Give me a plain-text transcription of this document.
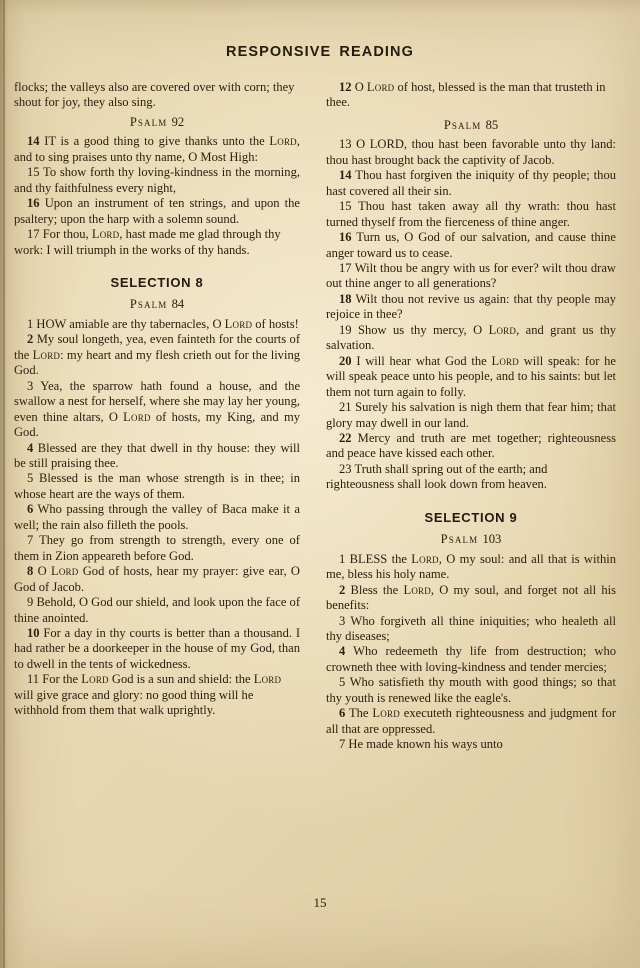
RESPONSIVE READING

flocks; the valleys also are covered over with corn; they shout for joy, they also sing.

Psalm 92

14 IT is a good thing to give thanks unto the Lord, and to sing praises unto thy name, O Most High:

15 To show forth thy loving-kindness in the morning, and thy faithfulness every night,

16 Upon an instrument of ten strings, and upon the psaltery; upon the harp with a solemn sound.

17 For thou, Lord, hast made me glad through thy work: I will triumph in the works of thy hands.

SELECTION 8

Psalm 84

1 HOW amiable are thy tabernacles, O Lord of hosts!

2 My soul longeth, yea, even fainteth for the courts of the Lord: my heart and my flesh crieth out for the living God.

3 Yea, the sparrow hath found a house, and the swallow a nest for herself, where she may lay her young, even thine altars, O Lord of hosts, my King, and my God.

4 Blessed are they that dwell in thy house: they will be still praising thee.

5 Blessed is the man whose strength is in thee; in whose heart are the ways of them.

6 Who passing through the valley of Baca make it a well; the rain also filleth the pools.

7 They go from strength to strength, every one of them in Zion appeareth before God.

8 O Lord God of hosts, hear my prayer: give ear, O God of Jacob.

9 Behold, O God our shield, and look upon the face of thine anointed.

10 For a day in thy courts is better than a thousand. I had rather be a doorkeeper in the house of my God, than to dwell in the tents of wickedness.

11 For the Lord God is a sun and shield: the Lord will give grace and glory: no good thing will he withhold from them that walk uprightly.

12 O Lord of host, blessed is the man that trusteth in thee.

Psalm 85

13 O LORD, thou hast been favorable unto thy land: thou hast brought back the captivity of Jacob.

14 Thou hast forgiven the iniquity of thy people; thou hast covered all their sin.

15 Thou hast taken away all thy wrath: thou hast turned thyself from the fierceness of thine anger.

16 Turn us, O God of our salvation, and cause thine anger toward us to cease.

17 Wilt thou be angry with us for ever? wilt thou draw out thine anger to all generations?

18 Wilt thou not revive us again: that thy people may rejoice in thee?

19 Show us thy mercy, O Lord, and grant us thy salvation.

20 I will hear what God the Lord will speak: for he will speak peace unto his people, and to his saints: but let them not turn again to folly.

21 Surely his salvation is nigh them that fear him; that glory may dwell in our land.

22 Mercy and truth are met together; righteousness and peace have kissed each other.

23 Truth shall spring out of the earth; and righteousness shall look down from heaven.

SELECTION 9

Psalm 103

1 BLESS the Lord, O my soul: and all that is within me, bless his holy name.

2 Bless the Lord, O my soul, and forget not all his benefits:

3 Who forgiveth all thine iniquities; who healeth all thy diseases;

4 Who redeemeth thy life from destruction; who crowneth thee with loving-kindness and tender mercies;

5 Who satisfieth thy mouth with good things; so that thy youth is renewed like the eagle's.

6 The Lord executeth righteousness and judgment for all that are oppressed.

7 He made known his ways unto

15
